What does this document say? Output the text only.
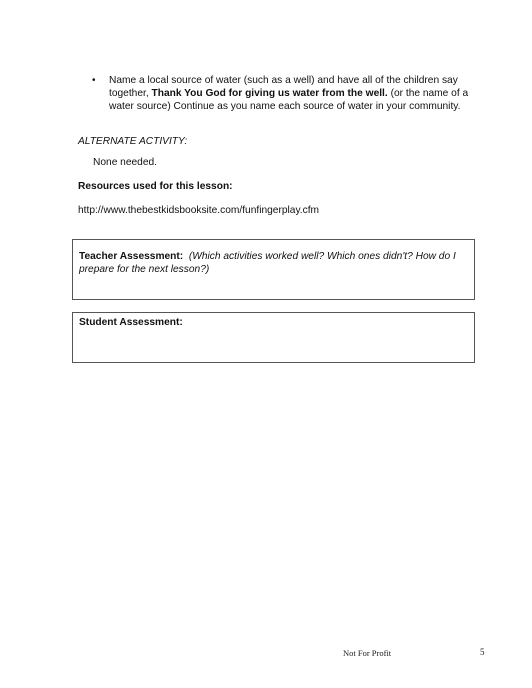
• Name a local source of water (such as a well) and have all of the children say together, Thank You God for giving us water from the well. (or the name of a water source) Continue as you name each source of water in your community.
ALTERNATE ACTIVITY:
None needed.
Resources used for this lesson:
http://www.thebestkidsbooksite.com/funfingerplay.cfm
Teacher Assessment: (Which activities worked well? Which ones didn't? How do I prepare for the next lesson?)
Student Assessment:
Not For Profit	5
